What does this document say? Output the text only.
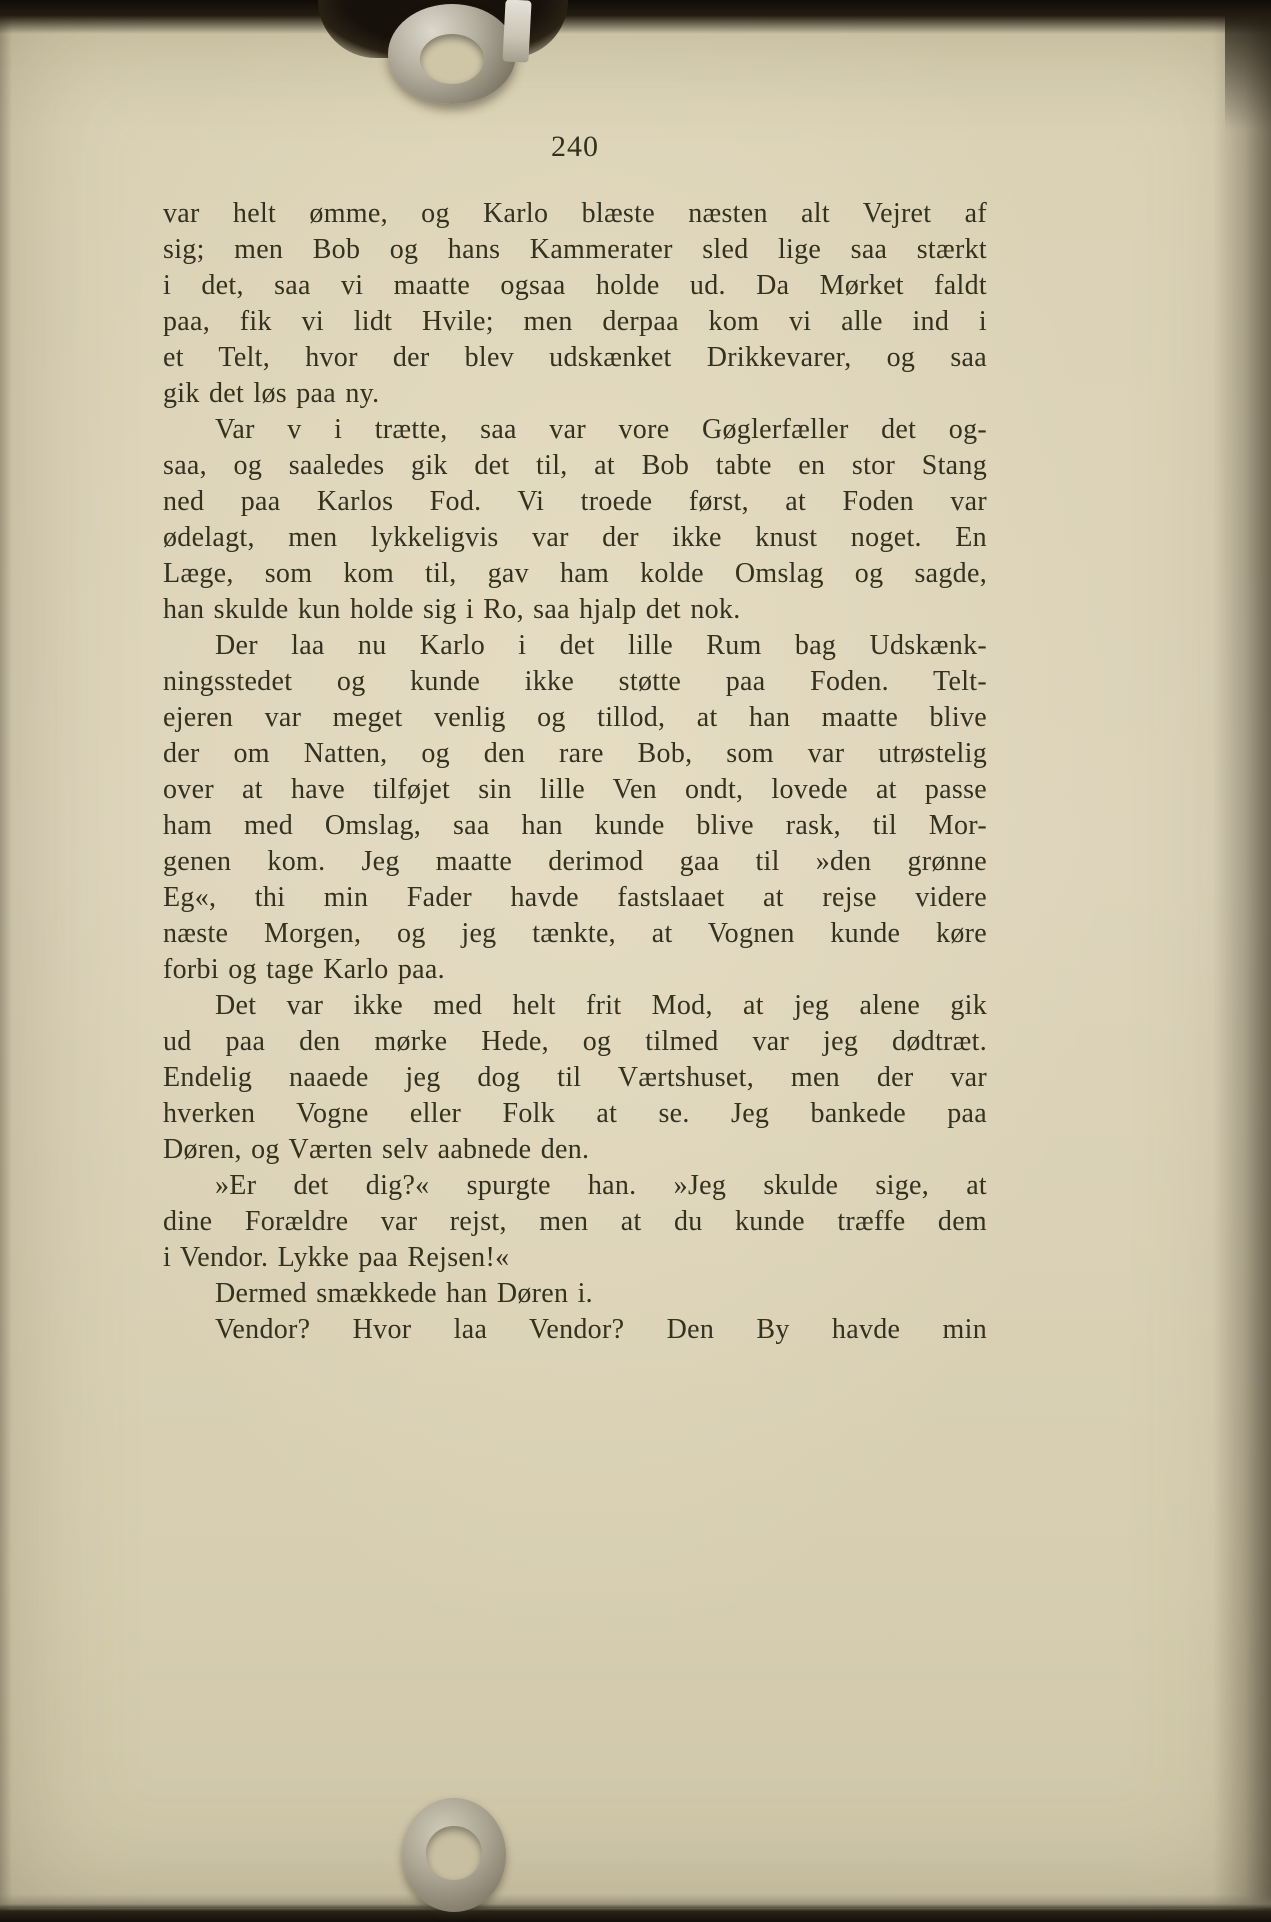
240
var helt ømme, og Karlo blæste næsten alt Vejret af
sig; men Bob og hans Kammerater sled lige saa stærkt
i det, saa vi maatte ogsaa holde ud. Da Mørket faldt
paa, fik vi lidt Hvile; men derpaa kom vi alle ind i
et Telt, hvor der blev udskænket Drikkevarer, og saa
gik det løs paa ny.
Var v i trætte, saa var vore Gøglerfæller det og-
saa, og saaledes gik det til, at Bob tabte en stor Stang
ned paa Karlos Fod. Vi troede først, at Foden var
ødelagt, men lykkeligvis var der ikke knust noget. En
Læge, som kom til, gav ham kolde Omslag og sagde,
han skulde kun holde sig i Ro, saa hjalp det nok.
Der laa nu Karlo i det lille Rum bag Udskænk-
ningsstedet og kunde ikke støtte paa Foden. Telt-
ejeren var meget venlig og tillod, at han maatte blive
der om Natten, og den rare Bob, som var utrøstelig
over at have tilføjet sin lille Ven ondt, lovede at passe
ham med Omslag, saa han kunde blive rask, til Mor-
genen kom. Jeg maatte derimod gaa til »den grønne
Eg«, thi min Fader havde fastslaaet at rejse videre
næste Morgen, og jeg tænkte, at Vognen kunde køre
forbi og tage Karlo paa.
Det var ikke med helt frit Mod, at jeg alene gik
ud paa den mørke Hede, og tilmed var jeg dødtræt.
Endelig naaede jeg dog til Værtshuset, men der var
hverken Vogne eller Folk at se. Jeg bankede paa
Døren, og Værten selv aabnede den.
»Er det dig?« spurgte han. »Jeg skulde sige, at
dine Forældre var rejst, men at du kunde træffe dem
i Vendor. Lykke paa Rejsen!«
Dermed smækkede han Døren i.
Vendor? Hvor laa Vendor? Den By havde min
